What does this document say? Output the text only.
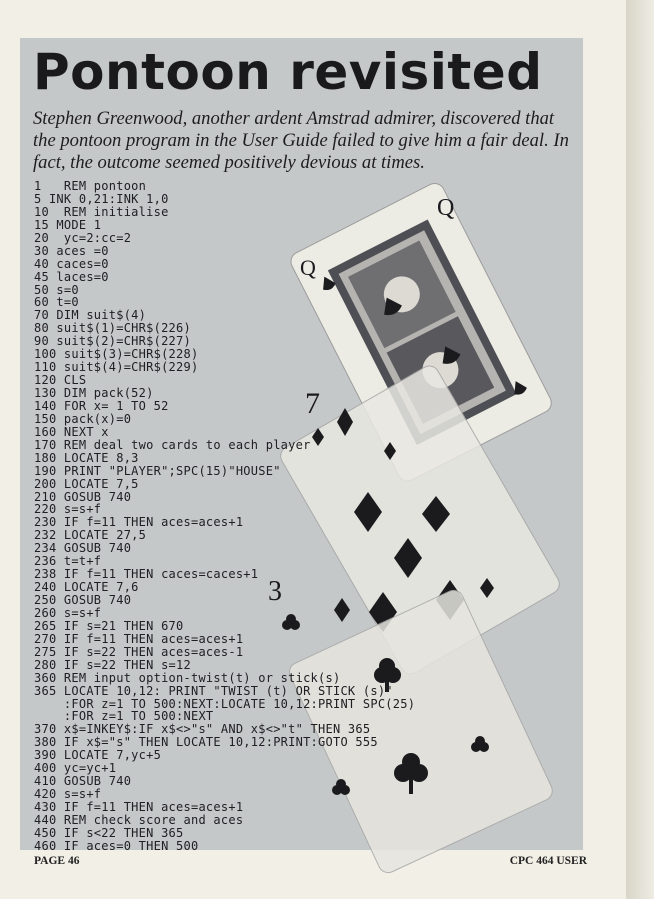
Q
Q
7
3
Pontoon revisited

Stephen Greenwood, another ardent Amstrad admirer, discovered that the pontoon program in the User Guide failed to give him a fair deal. In fact, the outcome seemed positively devious at times.

1   REM pontoon
5 INK 0,21:INK 1,0
10  REM initialise
15 MODE 1
20  yc=2:cc=2
30 aces =0
40 caces=0
45 laces=0
50 s=0
60 t=0
70 DIM suit$(4)
80 suit$(1)=CHR$(226)
90 suit$(2)=CHR$(227)
100 suit$(3)=CHR$(228)
110 suit$(4)=CHR$(229)
120 CLS
130 DIM pack(52)
140 FOR x= 1 TO 52
150 pack(x)=0
160 NEXT x
170 REM deal two cards to each player
180 LOCATE 8,3
190 PRINT "PLAYER";SPC(15)"HOUSE"
200 LOCATE 7,5
210 GOSUB 740
220 s=s+f
230 IF f=11 THEN aces=aces+1
232 LOCATE 27,5
234 GOSUB 740
236 t=t+f
238 IF f=11 THEN caces=caces+1
240 LOCATE 7,6
250 GOSUB 740
260 s=s+f
265 IF s=21 THEN 670
270 IF f=11 THEN aces=aces+1
275 IF s=22 THEN aces=aces-1
280 IF s=22 THEN s=12
360 REM input option-twist(t) or stick(s)
365 LOCATE 10,12: PRINT "TWIST (t) OR STICK (s)"
:FOR z=1 TO 500:NEXT:LOCATE 10,12:PRINT SPC(25)
:FOR z=1 TO 500:NEXT
370 x$=INKEY$:IF x$<>"s" AND x$<>"t" THEN 365
380 IF x$="s" THEN LOCATE 10,12:PRINT:GOTO 555
390 LOCATE 7,yc+5
400 yc=yc+1
410 GOSUB 740
420 s=s+f
430 IF f=11 THEN aces=aces+1
440 REM check score and aces
450 IF s<22 THEN 365
460 IF aces=0 THEN 500
PAGE 46	CPC 464 USER
